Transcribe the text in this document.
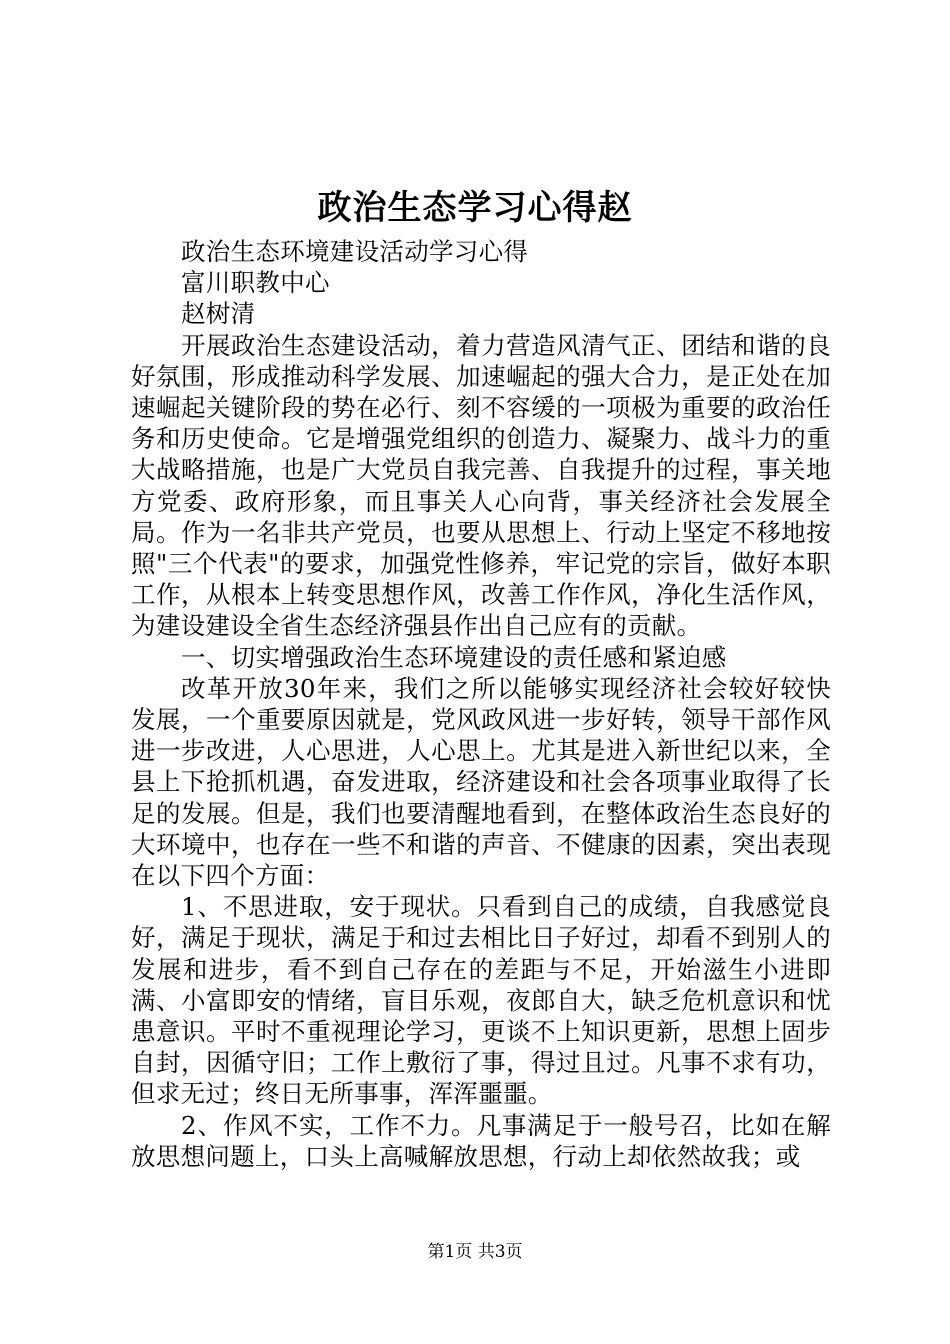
政治生态学习心得赵

政治生态环境建设活动学习心得

富川职教中心

赵树清

开展政治生态建设活动，着力营造风清气正、团结和谐的良好氛围，形成推动科学发展、加速崛起的强大合力，是正处在加速崛起关键阶段的势在必行、刻不容缓的一项极为重要的政治任务和历史使命。它是增强党组织的创造力、凝聚力、战斗力的重大战略措施，也是广大党员自我完善、自我提升的过程，事关地方党委、政府形象，而且事关人心向背，事关经济社会发展全局。作为一名非共产党员，也要从思想上、行动上坚定不移地按照"三个代表"的要求，加强党性修养，牢记党的宗旨，做好本职工作，从根本上转变思想作风，改善工作作风，净化生活作风，为建设建设全省生态经济强县作出自己应有的贡献。

一、切实增强政治生态环境建设的责任感和紧迫感

改革开放30年来，我们之所以能够实现经济社会较好较快发展，一个重要原因就是，党风政风进一步好转，领导干部作风进一步改进，人心思进，人心思上。尤其是进入新世纪以来，全县上下抢抓机遇，奋发进取，经济建设和社会各项事业取得了长足的发展。但是，我们也要清醒地看到，在整体政治生态良好的大环境中，也存在一些不和谐的声音、不健康的因素，突出表现在以下四个方面：

1、不思进取，安于现状。只看到自己的成绩，自我感觉良好，满足于现状，满足于和过去相比日子好过，却看不到别人的发展和进步，看不到自己存在的差距与不足，开始滋生小进即满、小富即安的情绪，盲目乐观，夜郎自大，缺乏危机意识和忧患意识。平时不重视理论学习，更谈不上知识更新，思想上固步自封，因循守旧；工作上敷衍了事，得过且过。凡事不求有功，但求无过；终日无所事事，浑浑噩噩。

2、作风不实，工作不力。凡事满足于一般号召，比如在解放思想问题上，口头上高喊解放思想，行动上却依然故我；或

第1页 共3页
